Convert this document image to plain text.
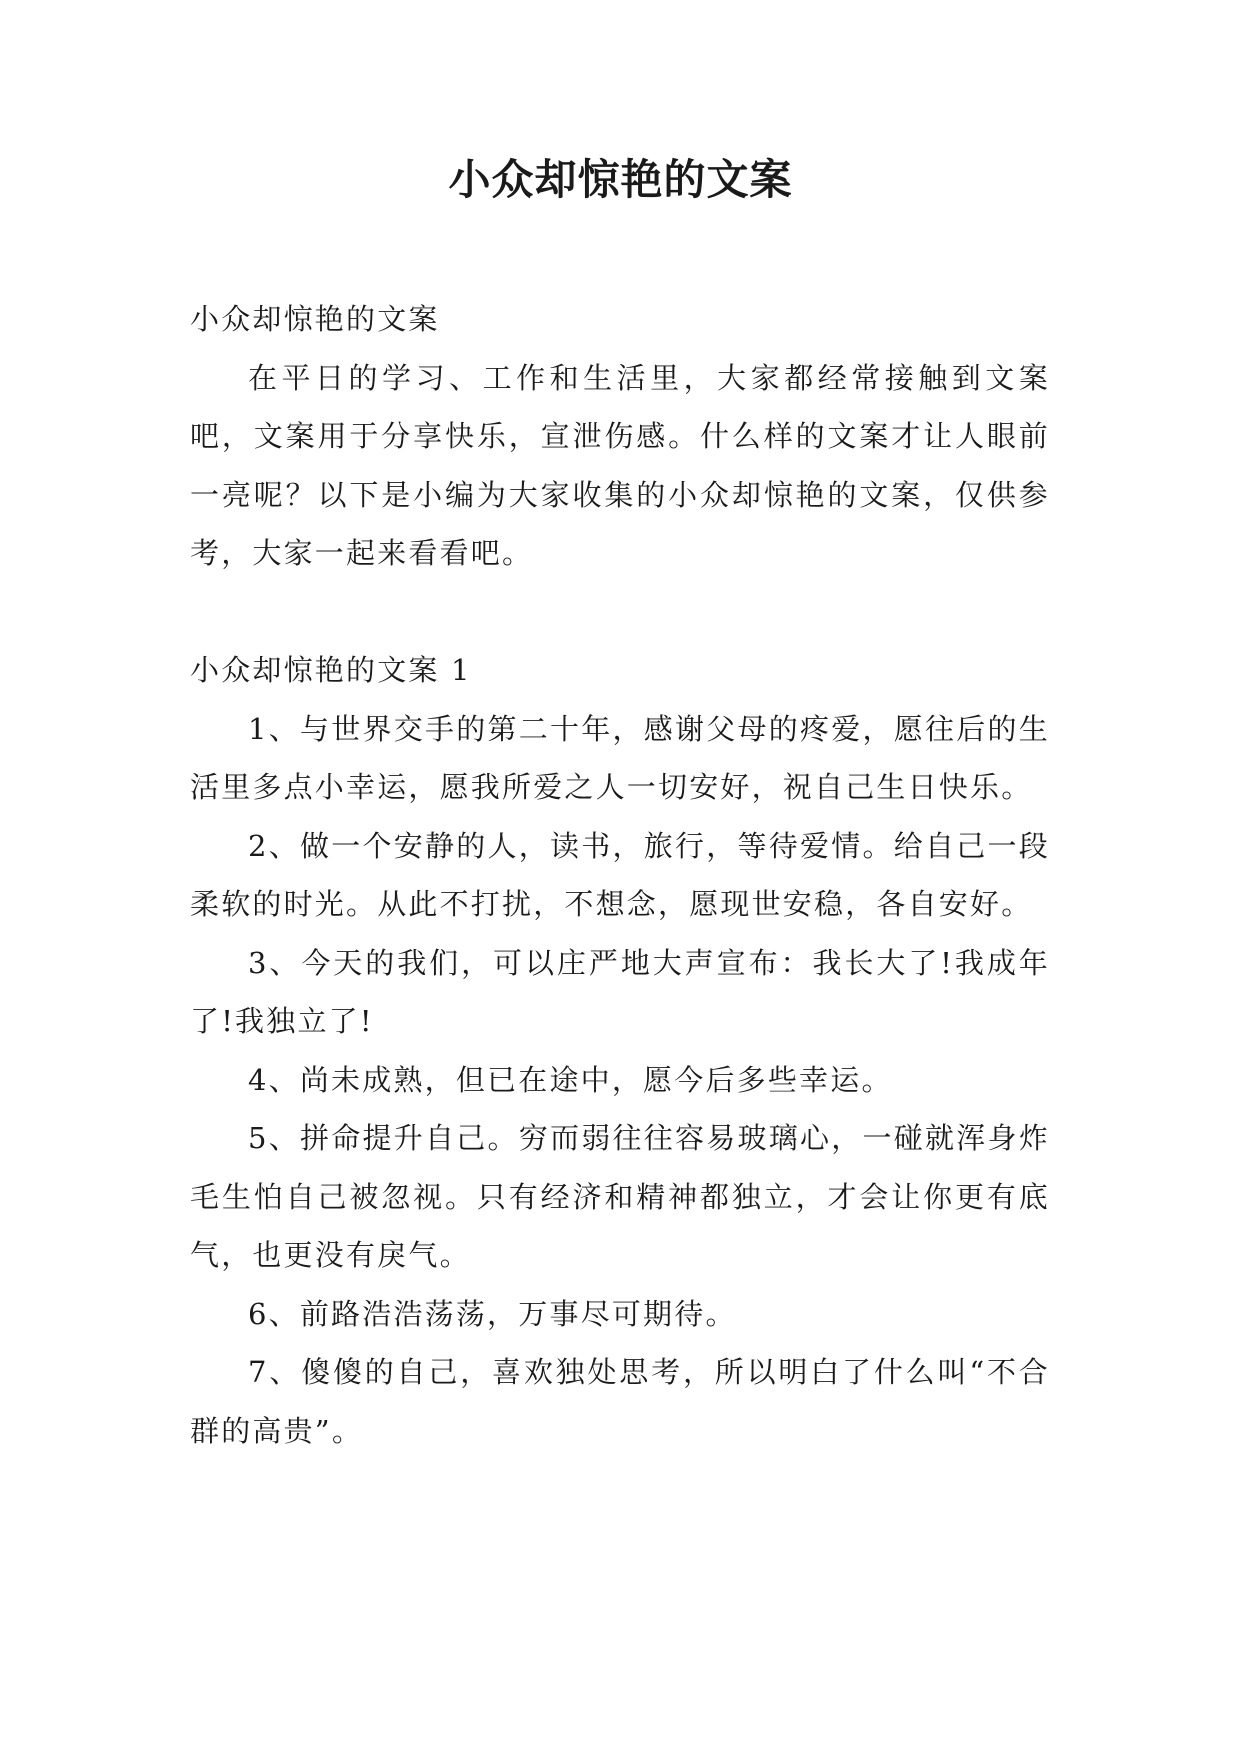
小众却惊艳的文案

小众却惊艳的文案

在平日的学习、工作和生活里，大家都经常接触到文案吧，文案用于分享快乐，宣泄伤感。什么样的文案才让人眼前一亮呢？以下是小编为大家收集的小众却惊艳的文案，仅供参考，大家一起来看看吧。

小众却惊艳的文案 1

1、与世界交手的第二十年，感谢父母的疼爱，愿往后的生活里多点小幸运，愿我所爱之人一切安好，祝自己生日快乐。

2、做一个安静的人，读书，旅行，等待爱情。给自己一段柔软的时光。从此不打扰，不想念，愿现世安稳，各自安好。

3、今天的我们，可以庄严地大声宣布：我长大了!我成年了!我独立了!

4、尚未成熟，但已在途中，愿今后多些幸运。

5、拼命提升自己。穷而弱往往容易玻璃心，一碰就浑身炸毛生怕自己被忽视。只有经济和精神都独立，才会让你更有底气，也更没有戾气。

6、前路浩浩荡荡，万事尽可期待。

7、傻傻的自己，喜欢独处思考，所以明白了什么叫“不合群的高贵”。
